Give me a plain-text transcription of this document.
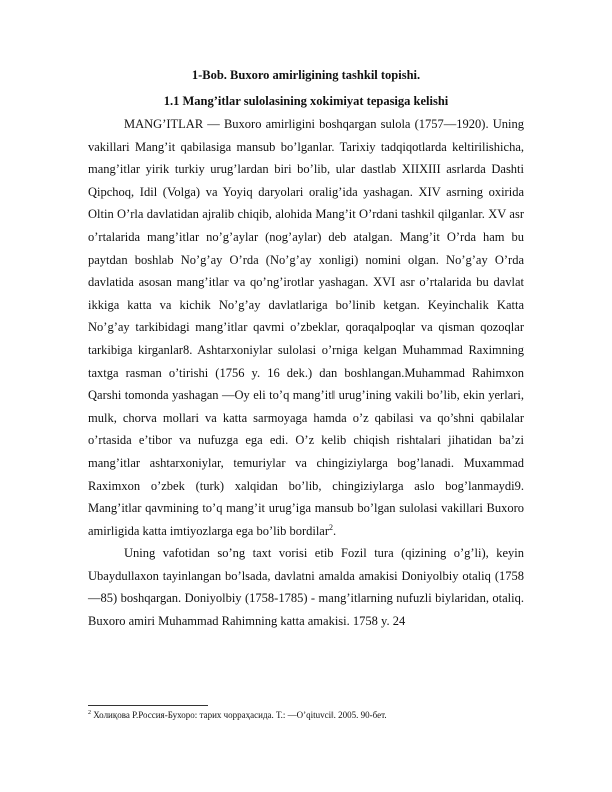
1-Bob. Buxoro amirligining tashkil topishi.
1.1 Mang’itlar sulolasining xokimiyat tepasiga kelishi

MANG’ITLAR — Buxoro amirligini boshqargan sulola (1757—1920). Uning vakillari Mang’it qabilasiga mansub bo’lganlar. Tarixiy tadqiqotlarda keltirilishicha, mang’itlar yirik turkiy urug’lardan biri bo’lib, ular dastlab XIIXIII asrlarda Dashti Qipchoq, Idil (Volga) va Yoyiq daryolari oralig’ida yashagan. XIV asrning oxirida Oltin O’rla davlatidan ajralib chiqib, alohida Mang’it O’rdani tashkil qilganlar. XV asr o’rtalarida mang’itlar no’g’aylar (nog’aylar) deb atalgan. Mang’it O’rda ham bu paytdan boshlab No’g’ay O’rda (No’g’ay xonligi) nomini olgan. No’g’ay O’rda davlatida asosan mang’itlar va qo’ng’irotlar yashagan. XVI asr o’rtalarida bu davlat ikkiga katta va kichik No’g’ay davlatlariga bo’linib ketgan. Keyinchalik Katta No’g’ay tarkibidagi mang’itlar qavmi o’zbeklar, qoraqalpoqlar va qisman qozoqlar tarkibiga kirganlar8. Ashtarxoniylar sulolasi o’rniga kelgan Muhammad Raximning taxtga rasman o’tirishi (1756 y. 16 dek.) dan boshlangan.Muhammad Rahimxon Qarshi tomonda yashagan ―Oy eli to’q mang’it‖ urug’ining vakili bo’lib, ekin yerlari, mulk, chorva mollari va katta sarmoyaga hamda o’z qabilasi va qo’shni qabilalar o’rtasida e’tibor va nufuzga ega edi. O’z kelib chiqish rishtalari jihatidan ba’zi mang’itlar ashtarxoniylar, temuriylar va chingiziylarga bog’lanadi. Muxammad Raximxon o’zbek (turk) xalqidan bo’lib, chingiziylarga aslo bog’lanmaydi9. Mang’itlar qavmining to’q mang’it urug’iga mansub bo’lgan sulolasi vakillari Buxoro amirligida katta imtiyozlarga ega bo’lib bordilar$^2$.

Uning vafotidan so’ng taxt vorisi etib Fozil tura (qizining o’g’li), keyin Ubaydullaxon tayinlangan bo’lsada, davlatni amalda amakisi Doniyolbiy otaliq (1758—85) boshqargan. Doniyolbiy (1758-1785) - mang’itlarning nufuzli biylaridan, otaliq. Buxoro amiri Muhammad Rahimning katta amakisi. 1758 y. 24

$^2$ Холиқова Р.Россия-Бухоро: тарих чорраҳасида. Т.: ―O’qituvci‖. 2005. 90-бет.
